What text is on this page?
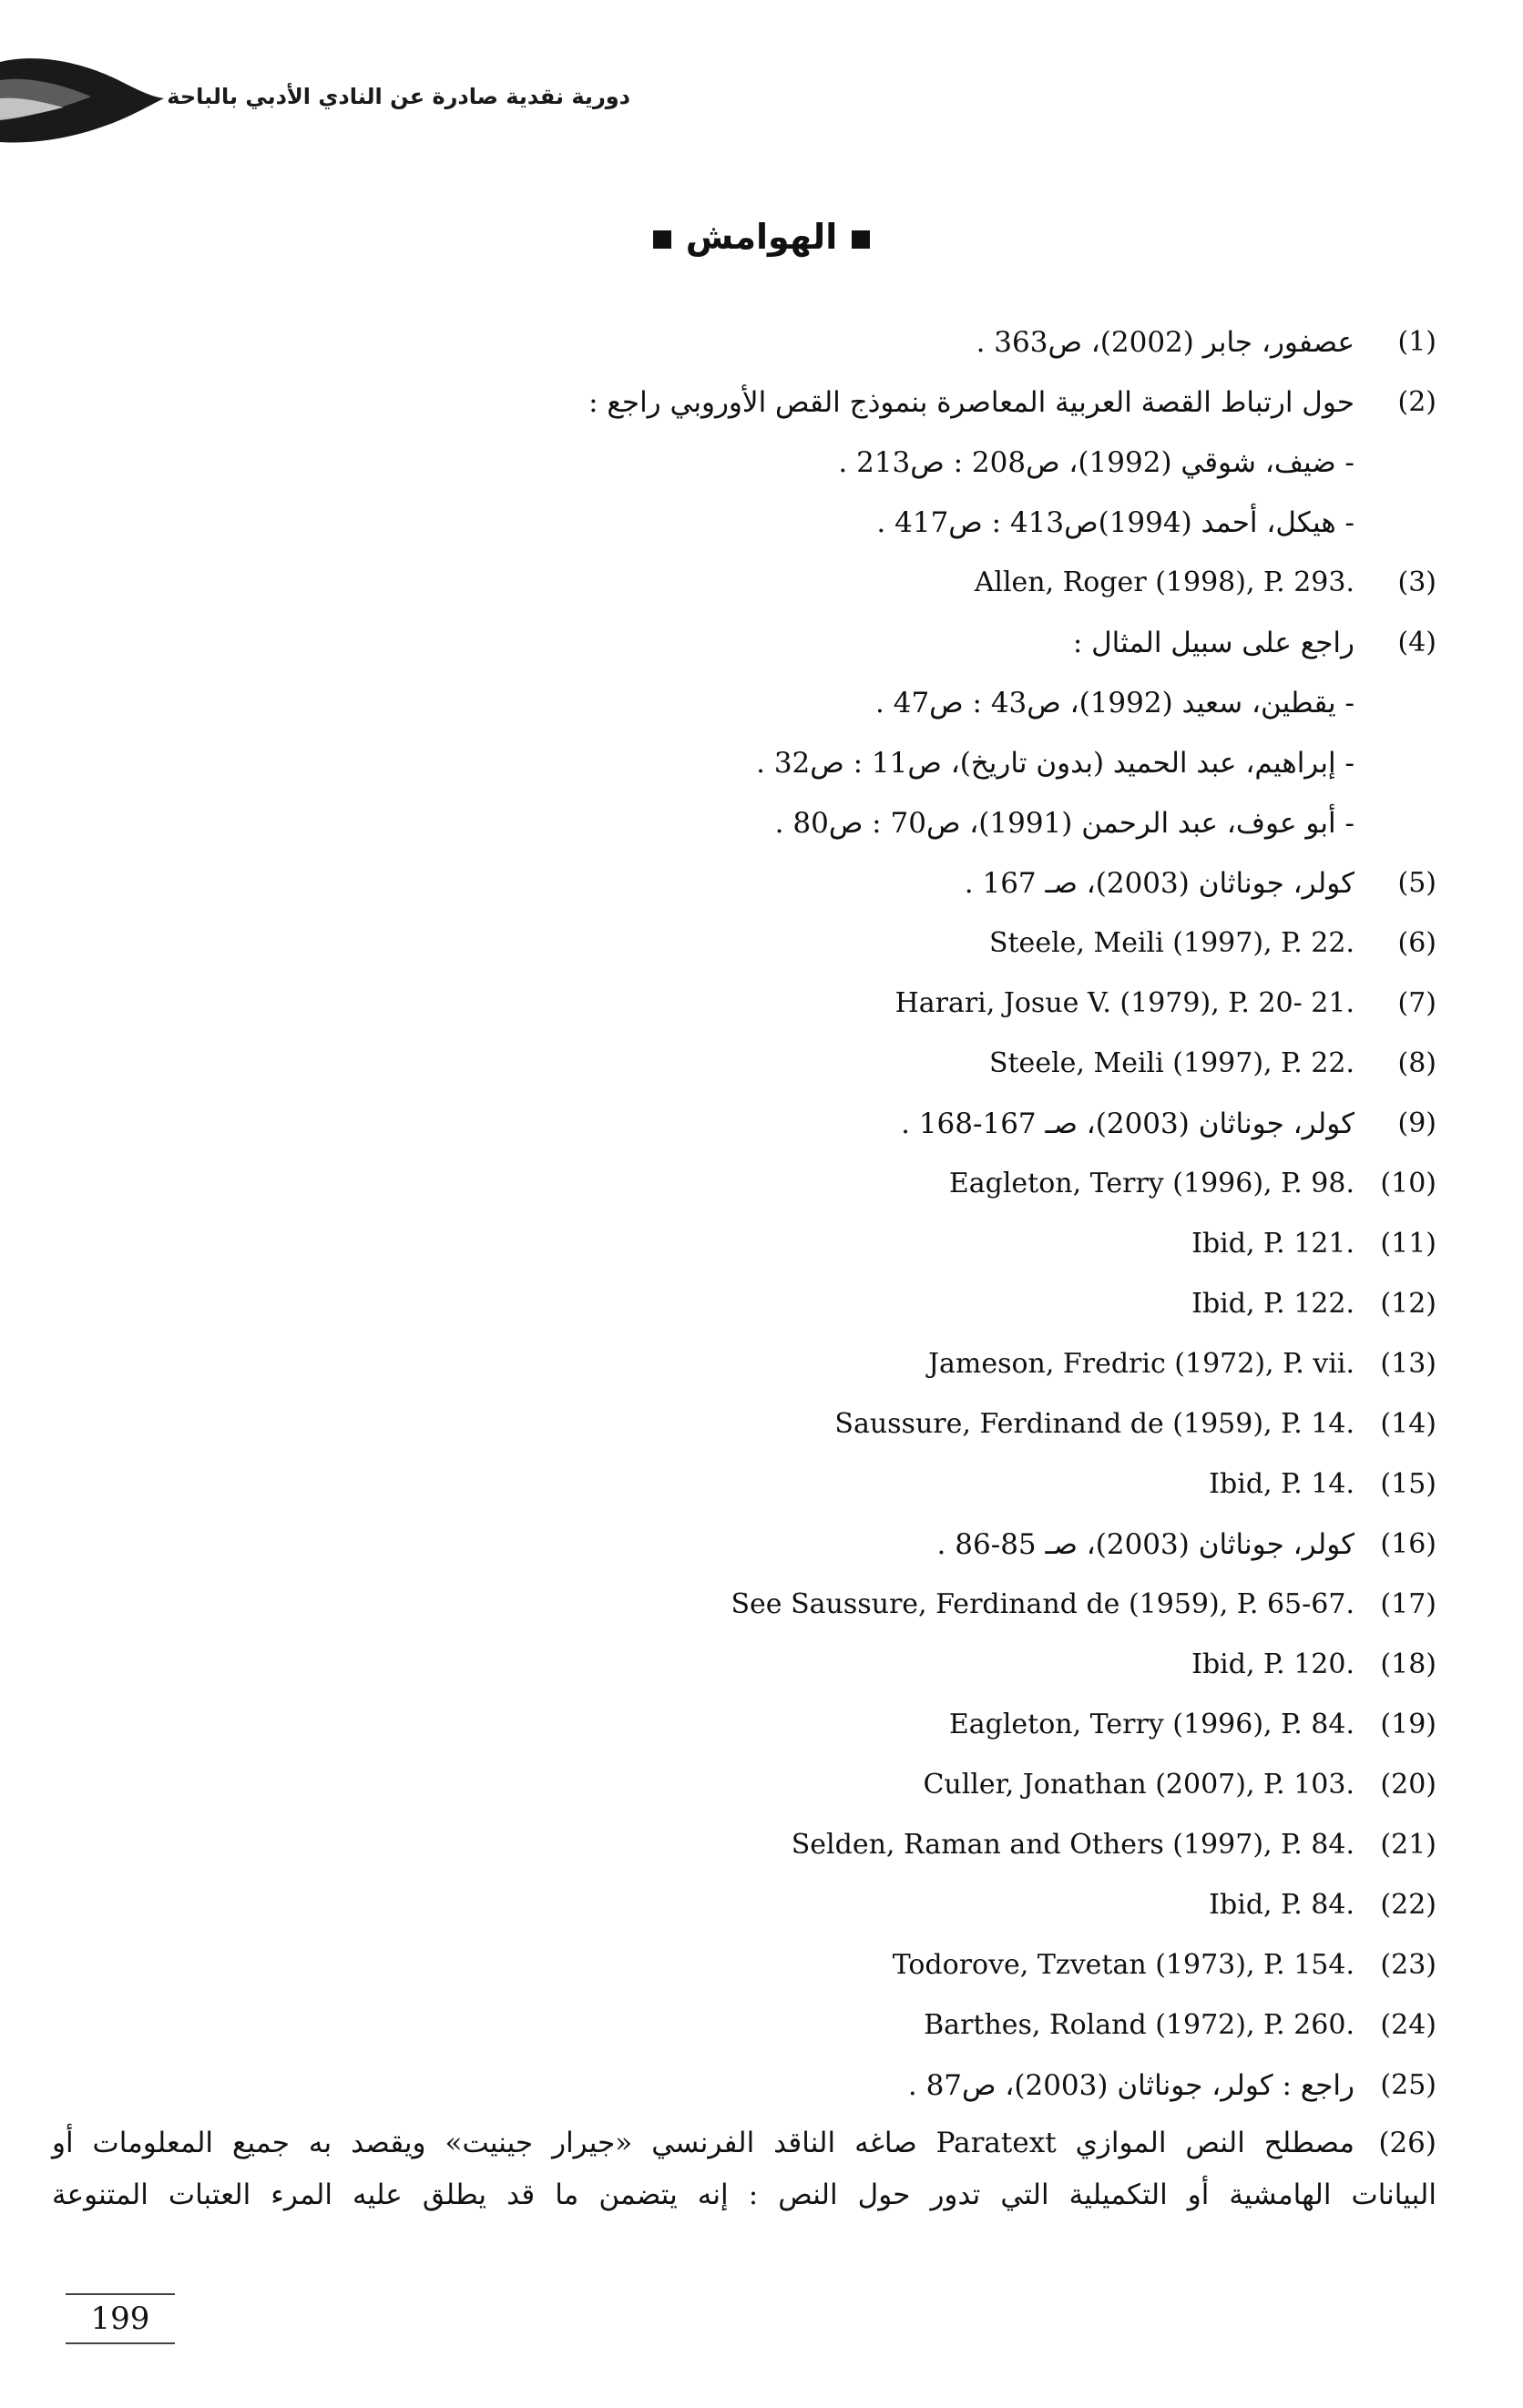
دورية نقدية صادرة عن النادي الأدبي بالباحة
الهوامش
(1)
عصفور، جابر (2002)، ص363 .
(2)
حول ارتباط القصة العربية المعاصرة بنموذج القص الأوروبي راجع :
- ضيف، شوقي (1992)، ص208 : ص213 .
- هيكل، أحمد (1994)ص413 : ص417 .
(3)
Allen, Roger (1998), P. 293.
(4)
راجع على سبيل المثال :
- يقطين، سعيد (1992)، ص43 : ص47 .
- إبراهيم، عبد الحميد (بدون تاريخ)، ص11 : ص32 .
- أبو عوف، عبد الرحمن (1991)، ص70 : ص80 .
(5)
كولر، جوناثان (2003)، صـ 167 .
(6)
Steele, Meili (1997), P. 22.
(7)
Harari, Josue V. (1979), P. 20- 21.
(8)
Steele, Meili (1997), P. 22.
(9)
كولر، جوناثان (2003)، صـ 167-168 .
(10)
Eagleton, Terry (1996), P. 98.
(11)
Ibid, P. 121.
(12)
Ibid, P. 122.
(13)
Jameson, Fredric (1972), P. vii.
(14)
Saussure, Ferdinand de (1959), P. 14.
(15)
Ibid, P. 14.
(16)
كولر، جوناثان (2003)، صـ 85-86 .
(17)
See Saussure, Ferdinand de (1959), P. 65-67.
(18)
Ibid, P. 120.
(19)
Eagleton, Terry (1996), P. 84.
(20)
Culler, Jonathan (2007), P. 103.
(21)
Selden, Raman and Others (1997), P. 84.
(22)
Ibid, P. 84.
(23)
Todorove, Tzvetan (1973), P. 154.
(24)
Barthes, Roland (1972), P. 260.
(25)
راجع : كولر، جوناثان (2003)، ص87 .
(26)
مصطلح النص الموازي Paratext صاغه الناقد الفرنسي «جيرار جينيت» ويقصد به جميع المعلومات أو
البيانات الهامشية أو التكميلية التي تدور حول النص : إنه يتضمن ما قد يطلق عليه المرء العتبات المتنوعة
199
